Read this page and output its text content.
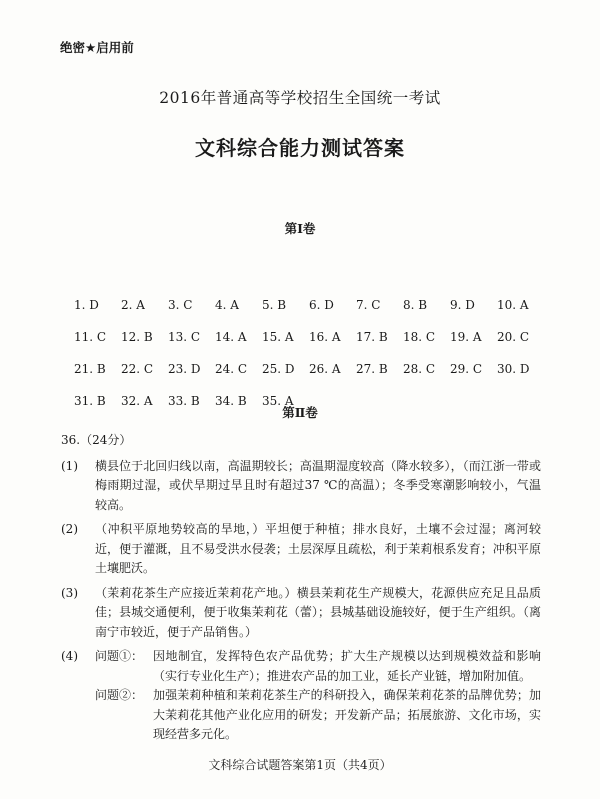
绝密★启用前
2016年普通高等学校招生全国统一考试
文科综合能力测试答案
第Ⅰ卷
1. D	2. A	3. C	4. A	5. B	6. D	7. C	8. B	9. D	10. A
11. C	12. B	13. C	14. A	15. A	16. A	17. B	18. C	19. A	20. C
21. B	22. C	23. D	24. C	25. D	26. A	27. B	28. C	29. C	30. D
31. B	32. A	33. B	34. B	35. A
第Ⅱ卷
36.（24分）
(1)	横县位于北回归线以南，高温期较长；高温期湿度较高（降水较多），（而江浙一带或梅雨期过湿，或伏旱期过旱且时有超过37 ℃的高温）；冬季受寒潮影响较小，气温较高。
(2)	（冲积平原地势较高的旱地，）平坦便于种植；排水良好，土壤不会过湿；离河较近，便于灌溉，且不易受洪水侵袭；土层深厚且疏松，利于茉莉根系发育；冲积平原土壤肥沃。
(3)	（茉莉花茶生产应接近茉莉花产地。）横县茉莉花生产规模大，花源供应充足且品质佳；县城交通便利，便于收集茉莉花（蕾）；县城基础设施较好，便于生产组织。（离南宁市较近，便于产品销售。）
(4)	问题①： 因地制宜，发挥特色农产品优势；扩大生产规模以达到规模效益和影响（实行专业化生产）；推进农产品的加工业，延长产业链，增加附加值。
问题②： 加强茉莉种植和茉莉花茶生产的科研投入，确保茉莉花茶的品牌优势；加大茉莉花其他产业化应用的研发；开发新产品；拓展旅游、文化市场，实现经营多元化。
文科综合试题答案第1页（共4页）
